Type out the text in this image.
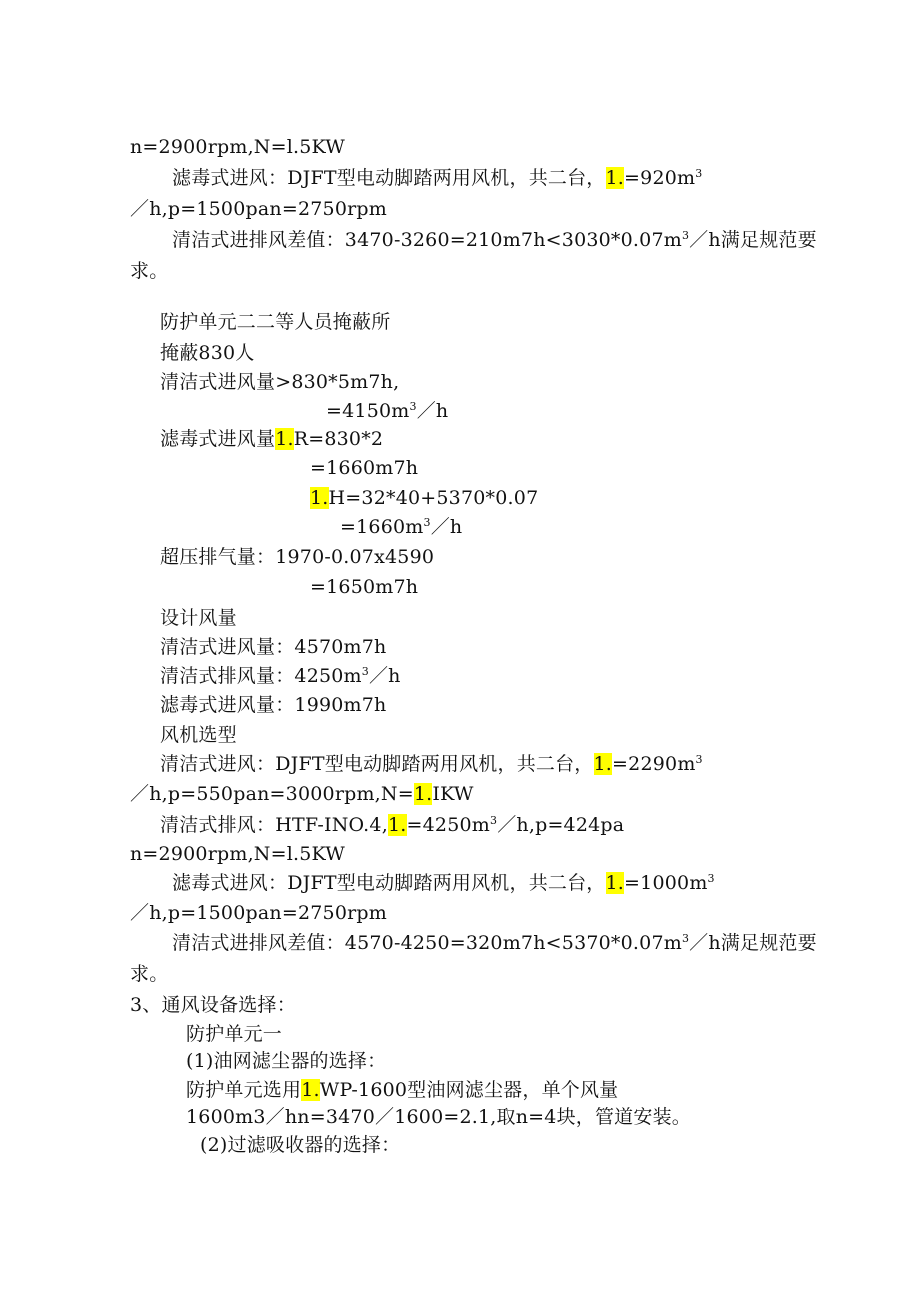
n=2900rpm,N=l.5KW
滤毒式进风：DJFT型电动脚踏两用风机，共二台，$1.=920m^3$
／h,p=1500pan=2750rpm
清洁式进排风差值：$3470-3260=210m7h<3030*0.07m^3/h$满足规范要
求。
防护单元二二等人员掩蔽所
掩蔽830人
清洁式进风量>830*5m7h,
$=4150m^3/h$
滤毒式进风量1.R=830*2
=1660m7h
1.H=32*40+5370*0.07
$=1660m^3/h$
超压排气量：1970-0.07x4590
=1650m7h
设计风量
清洁式进风量：4570m7h
清洁式排风量：$4250m^3/h$
滤毒式进风量：1990m7h
风机选型
清洁式进风：DJFT型电动脚踏两用风机，共二台，$1.=2290m^3$
／h,p=550pan=3000rpm,N=1.IKW
清洁式排风：HTF-$INO.4,1.=4250m^3/h,p=424pa$
n=2900rpm,N=l.5KW
滤毒式进风：DJFT型电动脚踏两用风机，共二台，$1.=1000m^3$
／h,p=1500pan=2750rpm
清洁式进排风差值：$4570-4250=320m7h<5370*0.07m^3/h$满足规范要
求。
3、通风设备选择：
防护单元一
(1)油网滤尘器的选择：
防护单元选用1.WP-1600型油网滤尘器，单个风量
1600m3／hn=3470／1600=2.1,取n=4块，管道安装。
(2)过滤吸收器的选择：
